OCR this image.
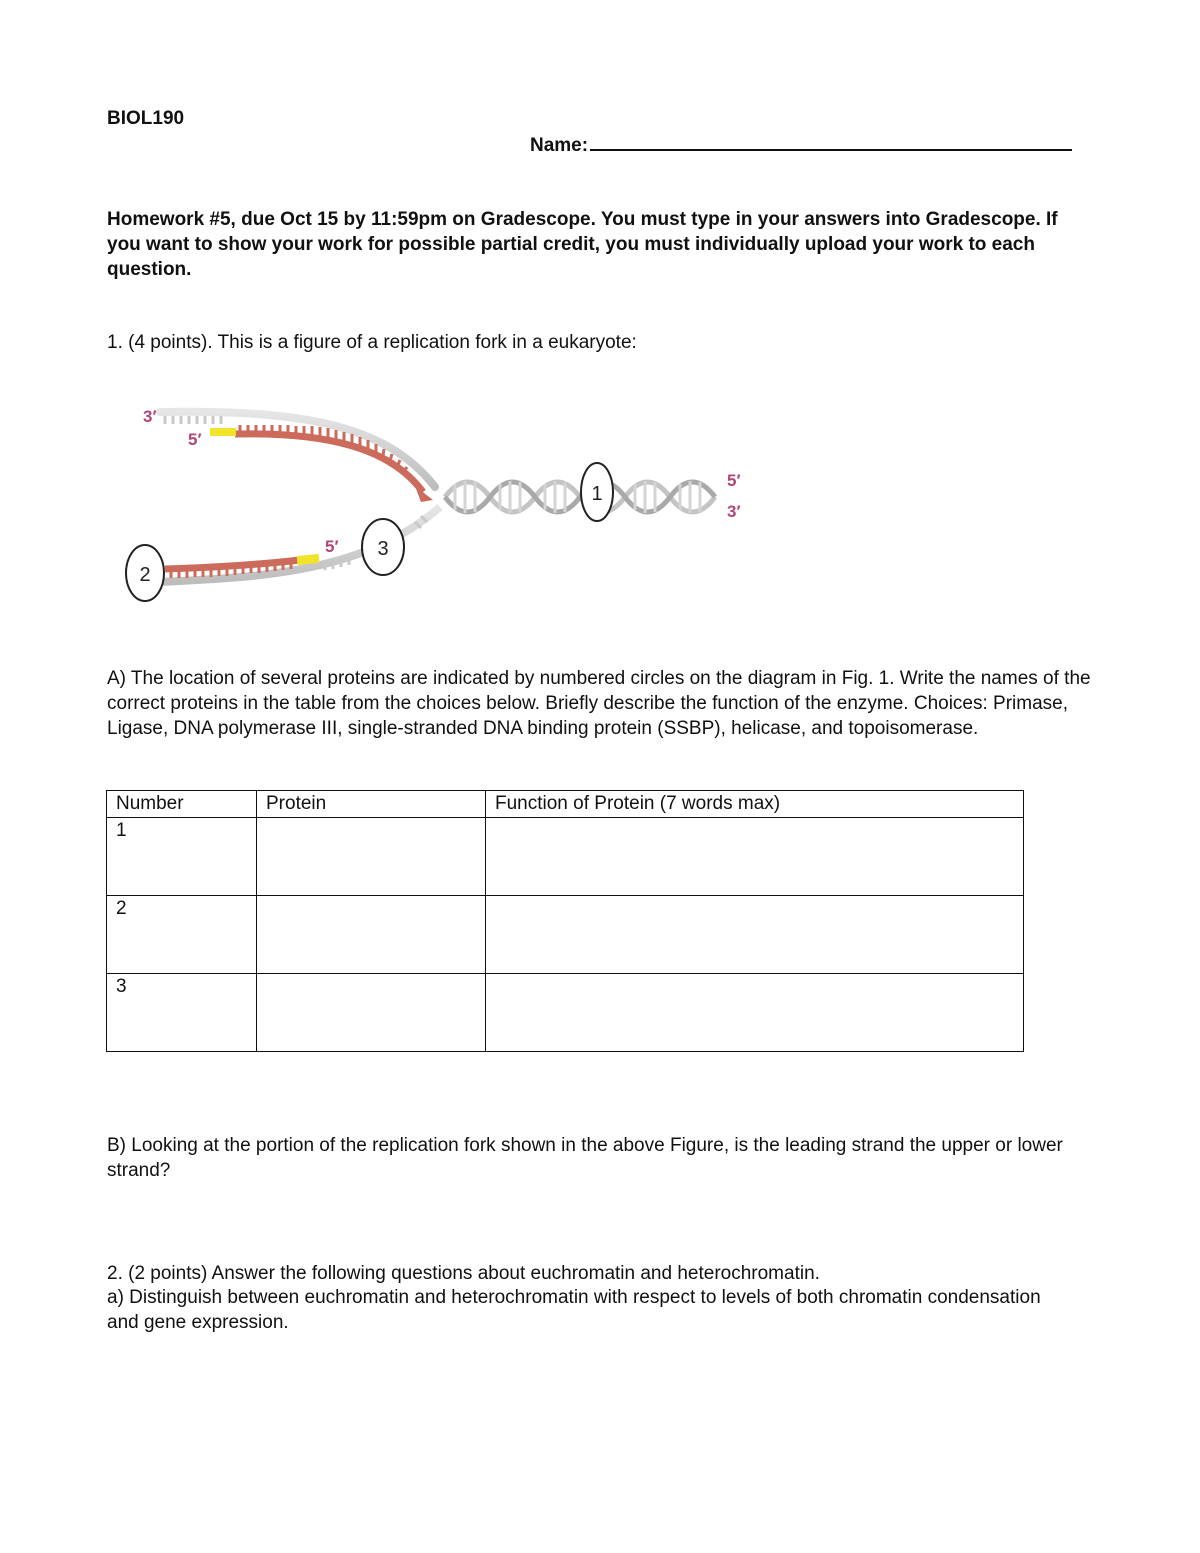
BIOL190
Name:
Homework #5, due Oct 15 by 11:59pm on Gradescope. You must type in your answers into Gradescope. If you want to show your work for possible partial credit, you must individually upload your work to each question.
1. (4 points). This is a figure of a replication fork in a eukaryote:
3′
5′
5′
5′
3′
1
2
3
A) The location of several proteins are indicated by numbered circles on the diagram in Fig. 1. Write the names of the correct proteins in the table from the choices below. Briefly describe the function of the enzyme. Choices: Primase, Ligase, DNA polymerase III, single-stranded DNA binding protein (SSBP), helicase, and topoisomerase.
Number	Protein	Function of Protein (7 words max)
1		
2		
3		
B) Looking at the portion of the replication fork shown in the above Figure, is the leading strand the upper or lower strand?
2. (2 points) Answer the following questions about euchromatin and heterochromatin.
a) Distinguish between euchromatin and heterochromatin with respect to levels of both chromatin condensation and gene expression.
